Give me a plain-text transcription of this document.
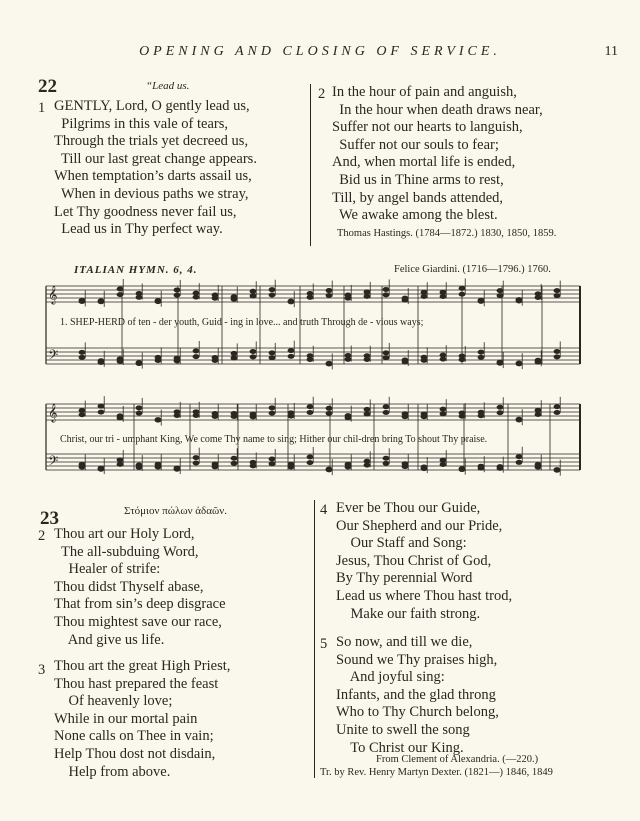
OPENING AND CLOSING OF SERVICE.	11
22	“Lead us.
1 GENTLY, Lord, O gently lead us,
Pilgrims in this vale of tears,
Through the trials yet decreed us,
Till our last great change appears.
When temptation’s darts assail us,
When in devious paths we stray,
Let Thy goodness never fail us,
Lead us in Thy perfect way.
2 In the hour of pain and anguish,
In the hour when death draws near,
Suffer not our hearts to languish,
Suffer not our souls to fear;
And, when mortal life is ended,
Bid us in Thine arms to rest,
Till, by angel bands attended,
We awake among the blest.
Thomas Hastings. (1784—1872.) 1830, 1850, 1859.
ITALIAN HYMN. 6, 4.	Felice Giardini. (1716—1796.) 1760.
𝄞
𝄢
1. SHEP-HERD of ten - der youth, Guid - ing in love... and truth Through de - vious ways;
𝄞
𝄢
Christ, our tri - umphant King, We come Thy name to sing; Hither our chil-dren bring To shout Thy praise.
23	Στόμιον πώλων ἀδαῶν.
2 Thou art our Holy Lord,
The all-subduing Word,
Healer of strife:
Thou didst Thyself abase,
That from sin’s deep disgrace
Thou mightest save our race,
And give us life.
3 Thou art the great High Priest,
Thou hast prepared the feast
Of heavenly love;
While in our mortal pain
None calls on Thee in vain;
Help Thou dost not disdain,
Help from above.
4 Ever be Thou our Guide,
Our Shepherd and our Pride,
Our Staff and Song:
Jesus, Thou Christ of God,
By Thy perennial Word
Lead us where Thou hast trod,
Make our faith strong.
5 So now, and till we die,
Sound we Thy praises high,
And joyful sing:
Infants, and the glad throng
Who to Thy Church belong,
Unite to swell the song
To Christ our King.
From Clement of Alexandria. (—220.)
Tr. by Rev. Henry Martyn Dexter. (1821—) 1846, 1849
